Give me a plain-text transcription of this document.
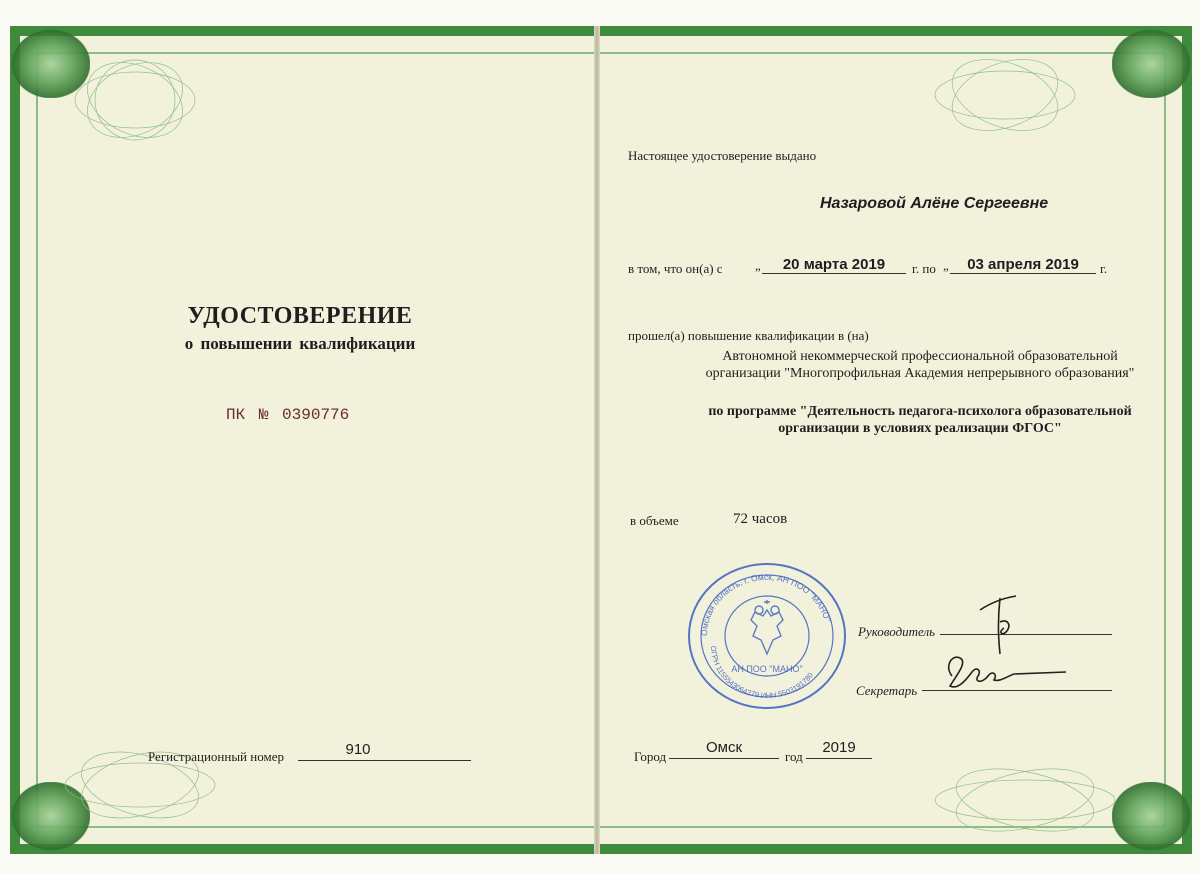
УДОСТОВЕРЕНИЕ
о повышении квалификации
ПК № 0390776
Регистрационный номер	910
Настоящее удостоверение выдано
Назаровой Алёне Сергеевне
в том, что он(а) с „	20 марта 2019	г. по „	03 апреля 2019	г.
прошел(а) повышение квалификации в (на)
Автономной некоммерческой профессиональной образовательной организации "Многопрофильная Академия непрерывного образования"
по программе "Деятельность педагога-психолога образовательной организации в условиях реализации ФГОС"
в объеме	72 часов
Омская область, г. Омск, АН ПОО "МАНО"
ОГРН 1155543064279 ИНН 5503191780
АН ПОО "МАНО"
Руководитель
Секретарь
Город
Омск
год
2019
